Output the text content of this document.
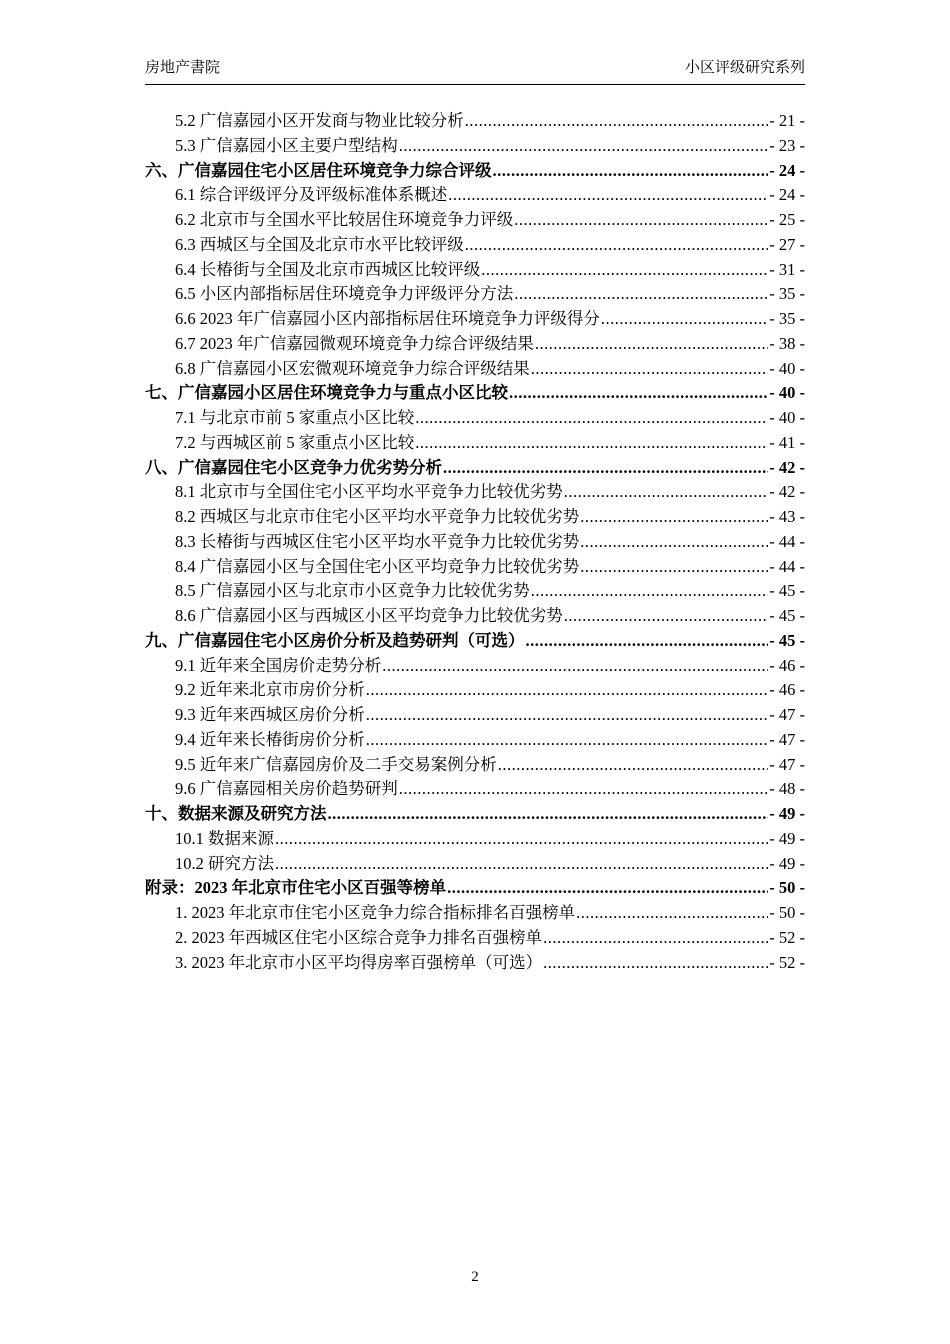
房地产書院	小区评级研究系列
5.2 广信嘉园小区开发商与物业比较分析 .....	- 21 -
5.3 广信嘉园小区主要户型结构 .....	- 23 -
六、广信嘉园住宅小区居住环境竞争力综合评级 .....	- 24 -
6.1 综合评级评分及评级标准体系概述 .....	- 24 -
6.2 北京市与全国水平比较居住环境竞争力评级 .....	- 25 -
6.3 西城区与全国及北京市水平比较评级 .....	- 27 -
6.4 长椿街与全国及北京市西城区比较评级 .....	- 31 -
6.5 小区内部指标居住环境竞争力评级评分方法 .....	- 35 -
6.6 2023 年广信嘉园小区内部指标居住环境竞争力评级得分 .....	- 35 -
6.7 2023 年广信嘉园微观环境竞争力综合评级结果 .....	- 38 -
6.8 广信嘉园小区宏微观环境竞争力综合评级结果 .....	- 40 -
七、广信嘉园小区居住环境竞争力与重点小区比较 .....	- 40 -
7.1 与北京市前 5 家重点小区比较 .....	- 40 -
7.2 与西城区前 5 家重点小区比较 .....	- 41 -
八、广信嘉园住宅小区竞争力优劣势分析 .....	- 42 -
8.1 北京市与全国住宅小区平均水平竞争力比较优劣势 .....	- 42 -
8.2 西城区与北京市住宅小区平均水平竞争力比较优劣势 .....	- 43 -
8.3 长椿街与西城区住宅小区平均水平竞争力比较优劣势 .....	- 44 -
8.4 广信嘉园小区与全国住宅小区平均竞争力比较优劣势 .....	- 44 -
8.5 广信嘉园小区与北京市小区竞争力比较优劣势 .....	- 45 -
8.6 广信嘉园小区与西城区小区平均竞争力比较优劣势 .....	- 45 -
九、广信嘉园住宅小区房价分析及趋势研判（可选） .....	- 45 -
9.1 近年来全国房价走势分析 .....	- 46 -
9.2 近年来北京市房价分析 .....	- 46 -
9.3 近年来西城区房价分析 .....	- 47 -
9.4 近年来长椿街房价分析 .....	- 47 -
9.5 近年来广信嘉园房价及二手交易案例分析 .....	- 47 -
9.6 广信嘉园相关房价趋势研判 .....	- 48 -
十、数据来源及研究方法 .....	- 49 -
10.1 数据来源 .....	- 49 -
10.2 研究方法 .....	- 49 -
附录：2023 年北京市住宅小区百强等榜单 .....	- 50 -
1. 2023 年北京市住宅小区竞争力综合指标排名百强榜单 .....	- 50 -
2. 2023 年西城区住宅小区综合竞争力排名百强榜单 .....	- 52 -
3. 2023 年北京市小区平均得房率百强榜单（可选） .....	- 52 -
2
